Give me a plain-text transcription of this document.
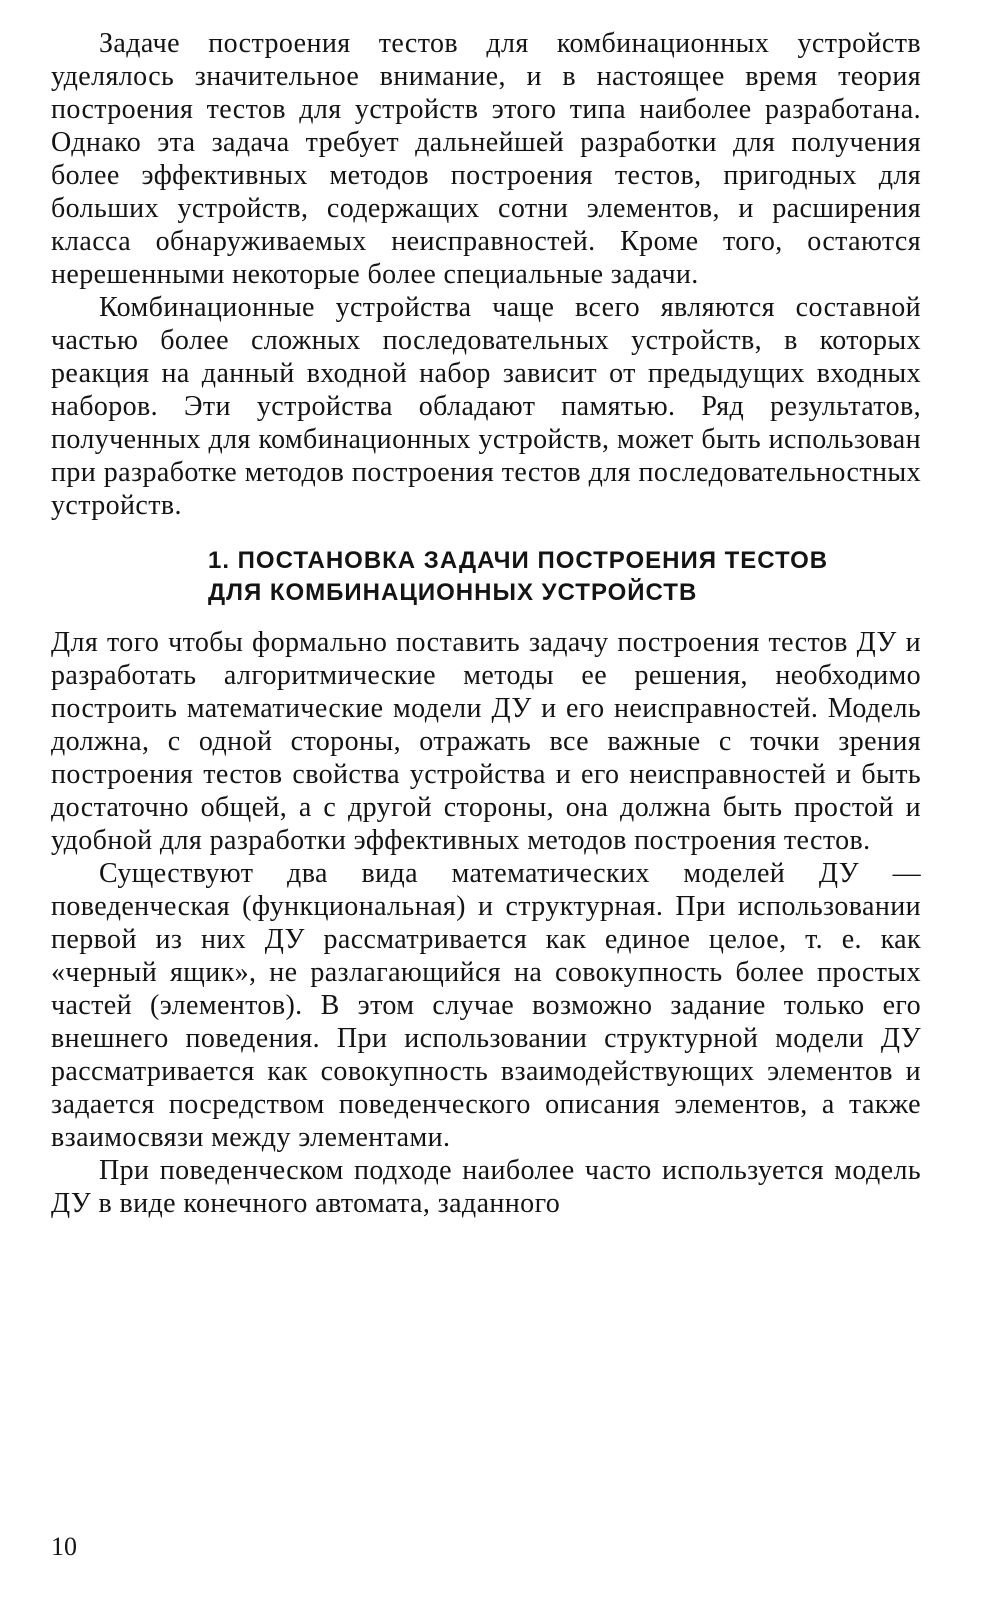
Задаче построения тестов для комбинационных устройств уделялось значительное внимание, и в настоящее время теория построения тестов для устройств этого типа наиболее разработана. Однако эта задача требует дальнейшей разработки для получения более эффективных методов построения тестов, пригодных для больших устройств, содержащих сотни элементов, и расширения класса обнаруживаемых неисправностей. Кроме того, остаются нерешенными некоторые более специальные задачи.

Комбинационные устройства чаще всего являются составной частью более сложных последовательных устройств, в которых реакция на данный входной набор зависит от предыдущих входных наборов. Эти устройства обладают памятью. Ряд результатов, полученных для комбинационных устройств, может быть использован при разработке методов построения тестов для последовательностных устройств.

1. ПОСТАНОВКА ЗАДАЧИ ПОСТРОЕНИЯ ТЕСТОВ
ДЛЯ КОМБИНАЦИОННЫХ УСТРОЙСТВ

Для того чтобы формально поставить задачу построения тестов ДУ и разработать алгоритмические методы ее решения, необходимо построить математические модели ДУ и его неисправностей. Модель должна, с одной стороны, отражать все важные с точки зрения построения тестов свойства устройства и его неисправностей и быть достаточно общей, а с другой стороны, она должна быть простой и удобной для разработки эффективных методов построения тестов.

Существуют два вида математических моделей ДУ — поведенческая (функциональная) и структурная. При использовании первой из них ДУ рассматривается как единое целое, т. е. как «черный ящик», не разлагающийся на совокупность более простых частей (элементов). В этом случае возможно задание только его внешнего поведения. При использовании структурной модели ДУ рассматривается как совокупность взаимодействующих элементов и задается посредством поведенческого описания элементов, а также взаимосвязи между элементами.

При поведенческом подходе наиболее часто используется модель ДУ в виде конечного автомата, заданного

10
